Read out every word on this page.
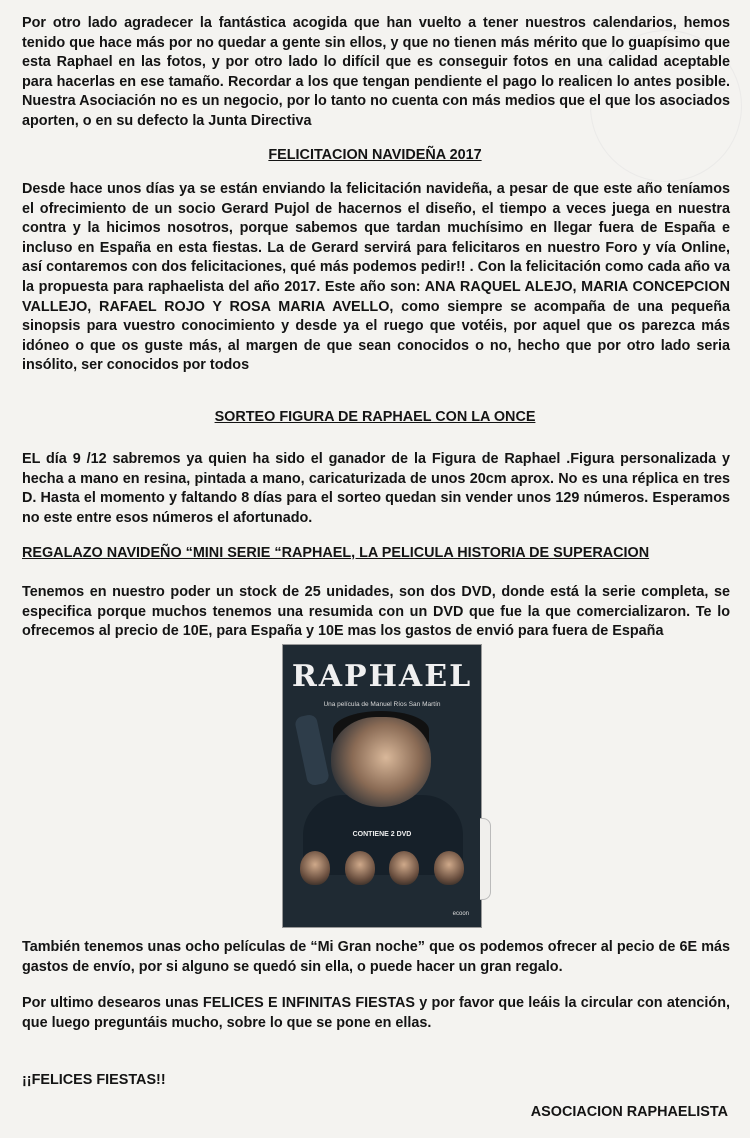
Por otro lado agradecer la fantástica acogida que han vuelto a tener nuestros calendarios, hemos tenido que hace más por no quedar a gente sin ellos, y que no tienen más mérito que lo guapísimo que esta Raphael en las fotos, y por otro lado lo difícil que es conseguir fotos en una calidad aceptable para hacerlas en ese tamaño. Recordar a los que tengan pendiente el pago lo realicen lo antes posible. Nuestra Asociación no es un negocio, por lo tanto no cuenta con más medios que el que los asociados aporten, o en su defecto la Junta Directiva

FELICITACION NAVIDEÑA 2017

Desde hace unos días ya se están enviando la felicitación navideña, a pesar de que este año teníamos el ofrecimiento de un socio Gerard Pujol de hacernos el diseño, el tiempo a veces juega en nuestra contra y la hicimos nosotros, porque sabemos que tardan muchísimo en llegar fuera de España e incluso en España en esta fiestas. La de Gerard servirá para felicitaros en nuestro Foro y vía Online, así contaremos con dos felicitaciones, qué más podemos pedir!! . Con la felicitación como cada año va la propuesta para raphaelista del año 2017. Este año son: ANA RAQUEL ALEJO, MARIA CONCEPCION VALLEJO, RAFAEL ROJO Y ROSA MARIA AVELLO, como siempre se acompaña de una pequeña sinopsis para vuestro conocimiento y desde ya el ruego que votéis, por aquel que os parezca más idóneo o que os guste más, al margen de que sean conocidos o no, hecho que por otro lado seria insólito, ser conocidos por todos

SORTEO FIGURA DE RAPHAEL CON LA ONCE

EL día 9 /12 sabremos ya quien ha sido el ganador de la Figura de Raphael .Figura personalizada y hecha a mano en resina, pintada a mano, caricaturizada de unos 20cm aprox. No es una réplica en tres D. Hasta el momento y faltando 8 días para el sorteo quedan sin vender unos 129 números. Esperamos no este entre esos números el afortunado.

REGALAZO NAVIDEÑO “MINI SERIE “RAPHAEL, LA PELICULA HISTORIA DE SUPERACION

Tenemos en nuestro poder un stock de 25 unidades, son dos DVD, donde está la serie completa, se especifica porque muchos tenemos una resumida con un DVD que fue la que comercializaron. Te lo ofrecemos al precio de 10E, para España y 10E mas los gastos de envió para fuera de España

RAPHAEL
Una película de Manuel Ríos San Martín
CONTIENE 2 DVD
ecoon

También tenemos unas ocho películas de “Mi Gran noche” que os podemos ofrecer al pecio de 6E más gastos de envío, por si alguno se quedó sin ella, o puede hacer un gran regalo.

Por ultimo desearos unas FELICES E INFINITAS FIESTAS y por favor que leáis la circular con atención, que luego preguntáis mucho, sobre lo que se pone en ellas.

¡¡FELICES FIESTAS!!
ASOCIACION RAPHAELISTA
